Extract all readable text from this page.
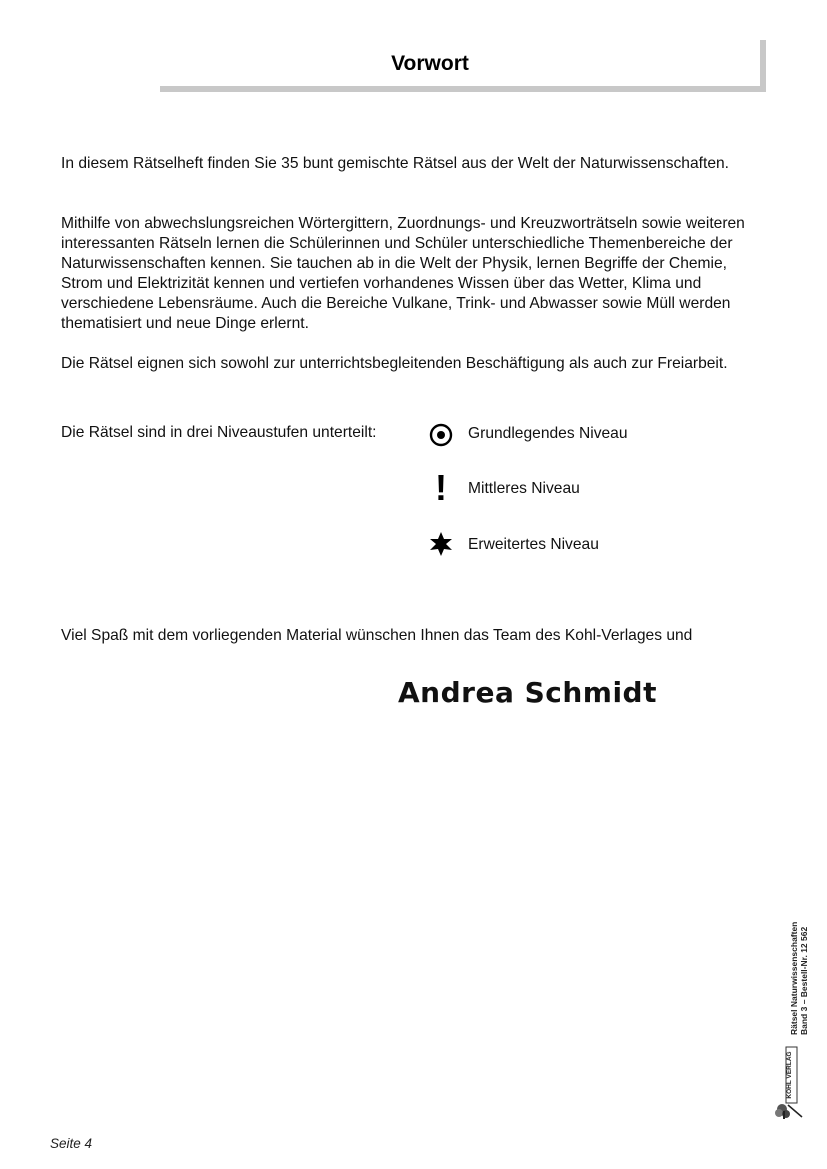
Vorwort

In diesem Rätselheft finden Sie 35 bunt gemischte Rätsel aus der Welt der Naturwissenschaften.

Mithilfe von abwechslungsreichen Wörtergittern, Zuordnungs- und Kreuzworträtseln sowie weiteren interessanten Rätseln lernen die Schülerinnen und Schüler unterschiedliche Themenbereiche der Naturwissenschaften kennen. Sie tauchen ab in die Welt der Physik, lernen Begriffe der Chemie, Strom und Elektrizität kennen und vertiefen vorhandenes Wissen über das Wetter, Klima und verschiedene Lebensräume. Auch die Bereiche Vulkane, Trink- und Abwasser sowie Müll werden thematisiert und neue Dinge erlernt.

Die Rätsel eignen sich sowohl zur unterrichtsbegleitenden Beschäftigung als auch zur Freiarbeit.

Die Rätsel sind in drei Niveaustufen unterteilt:	Grundlegendes Niveau
!	Mittleres Niveau
Erweitertes Niveau
Viel Spaß mit dem vorliegenden Material wünschen Ihnen das Team des Kohl-Verlages und
Andrea Schmidt
Rätsel Naturwissenschaften Band 3 – Bestell-Nr. 12 562
KOHL VERLAG
Seite 4
